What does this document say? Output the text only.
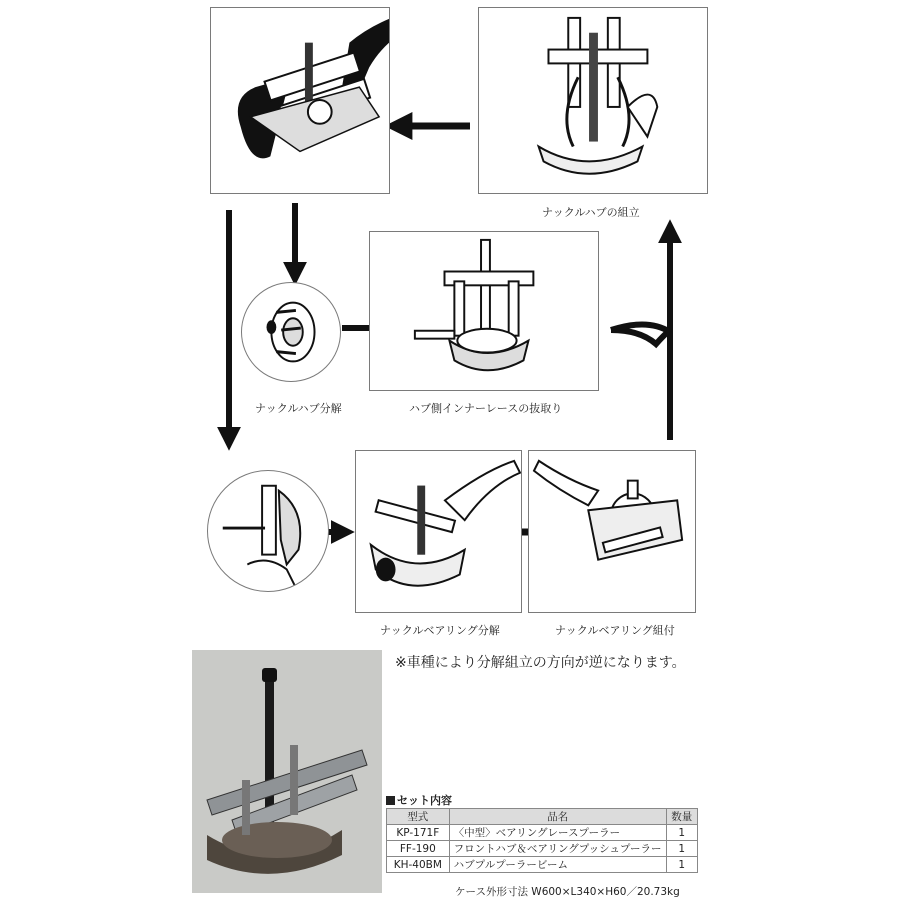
ナックルハブの組立
ナックルハブ分解	ハブ側インナーレースの抜取り
ナックルベアリング分解	ナックルベアリング組付
※車種により分解組立の方向が逆になります。
セット内容
型式	品名	数量
KP-171F	〈中型〉ベアリングレースプーラー	1
FF-190	フロントハブ＆ベアリングプッシュプーラー	1
KH-40BM	ハブプルプーラービーム	1
ケース外形寸法 W600×L340×H60／20.73kg
